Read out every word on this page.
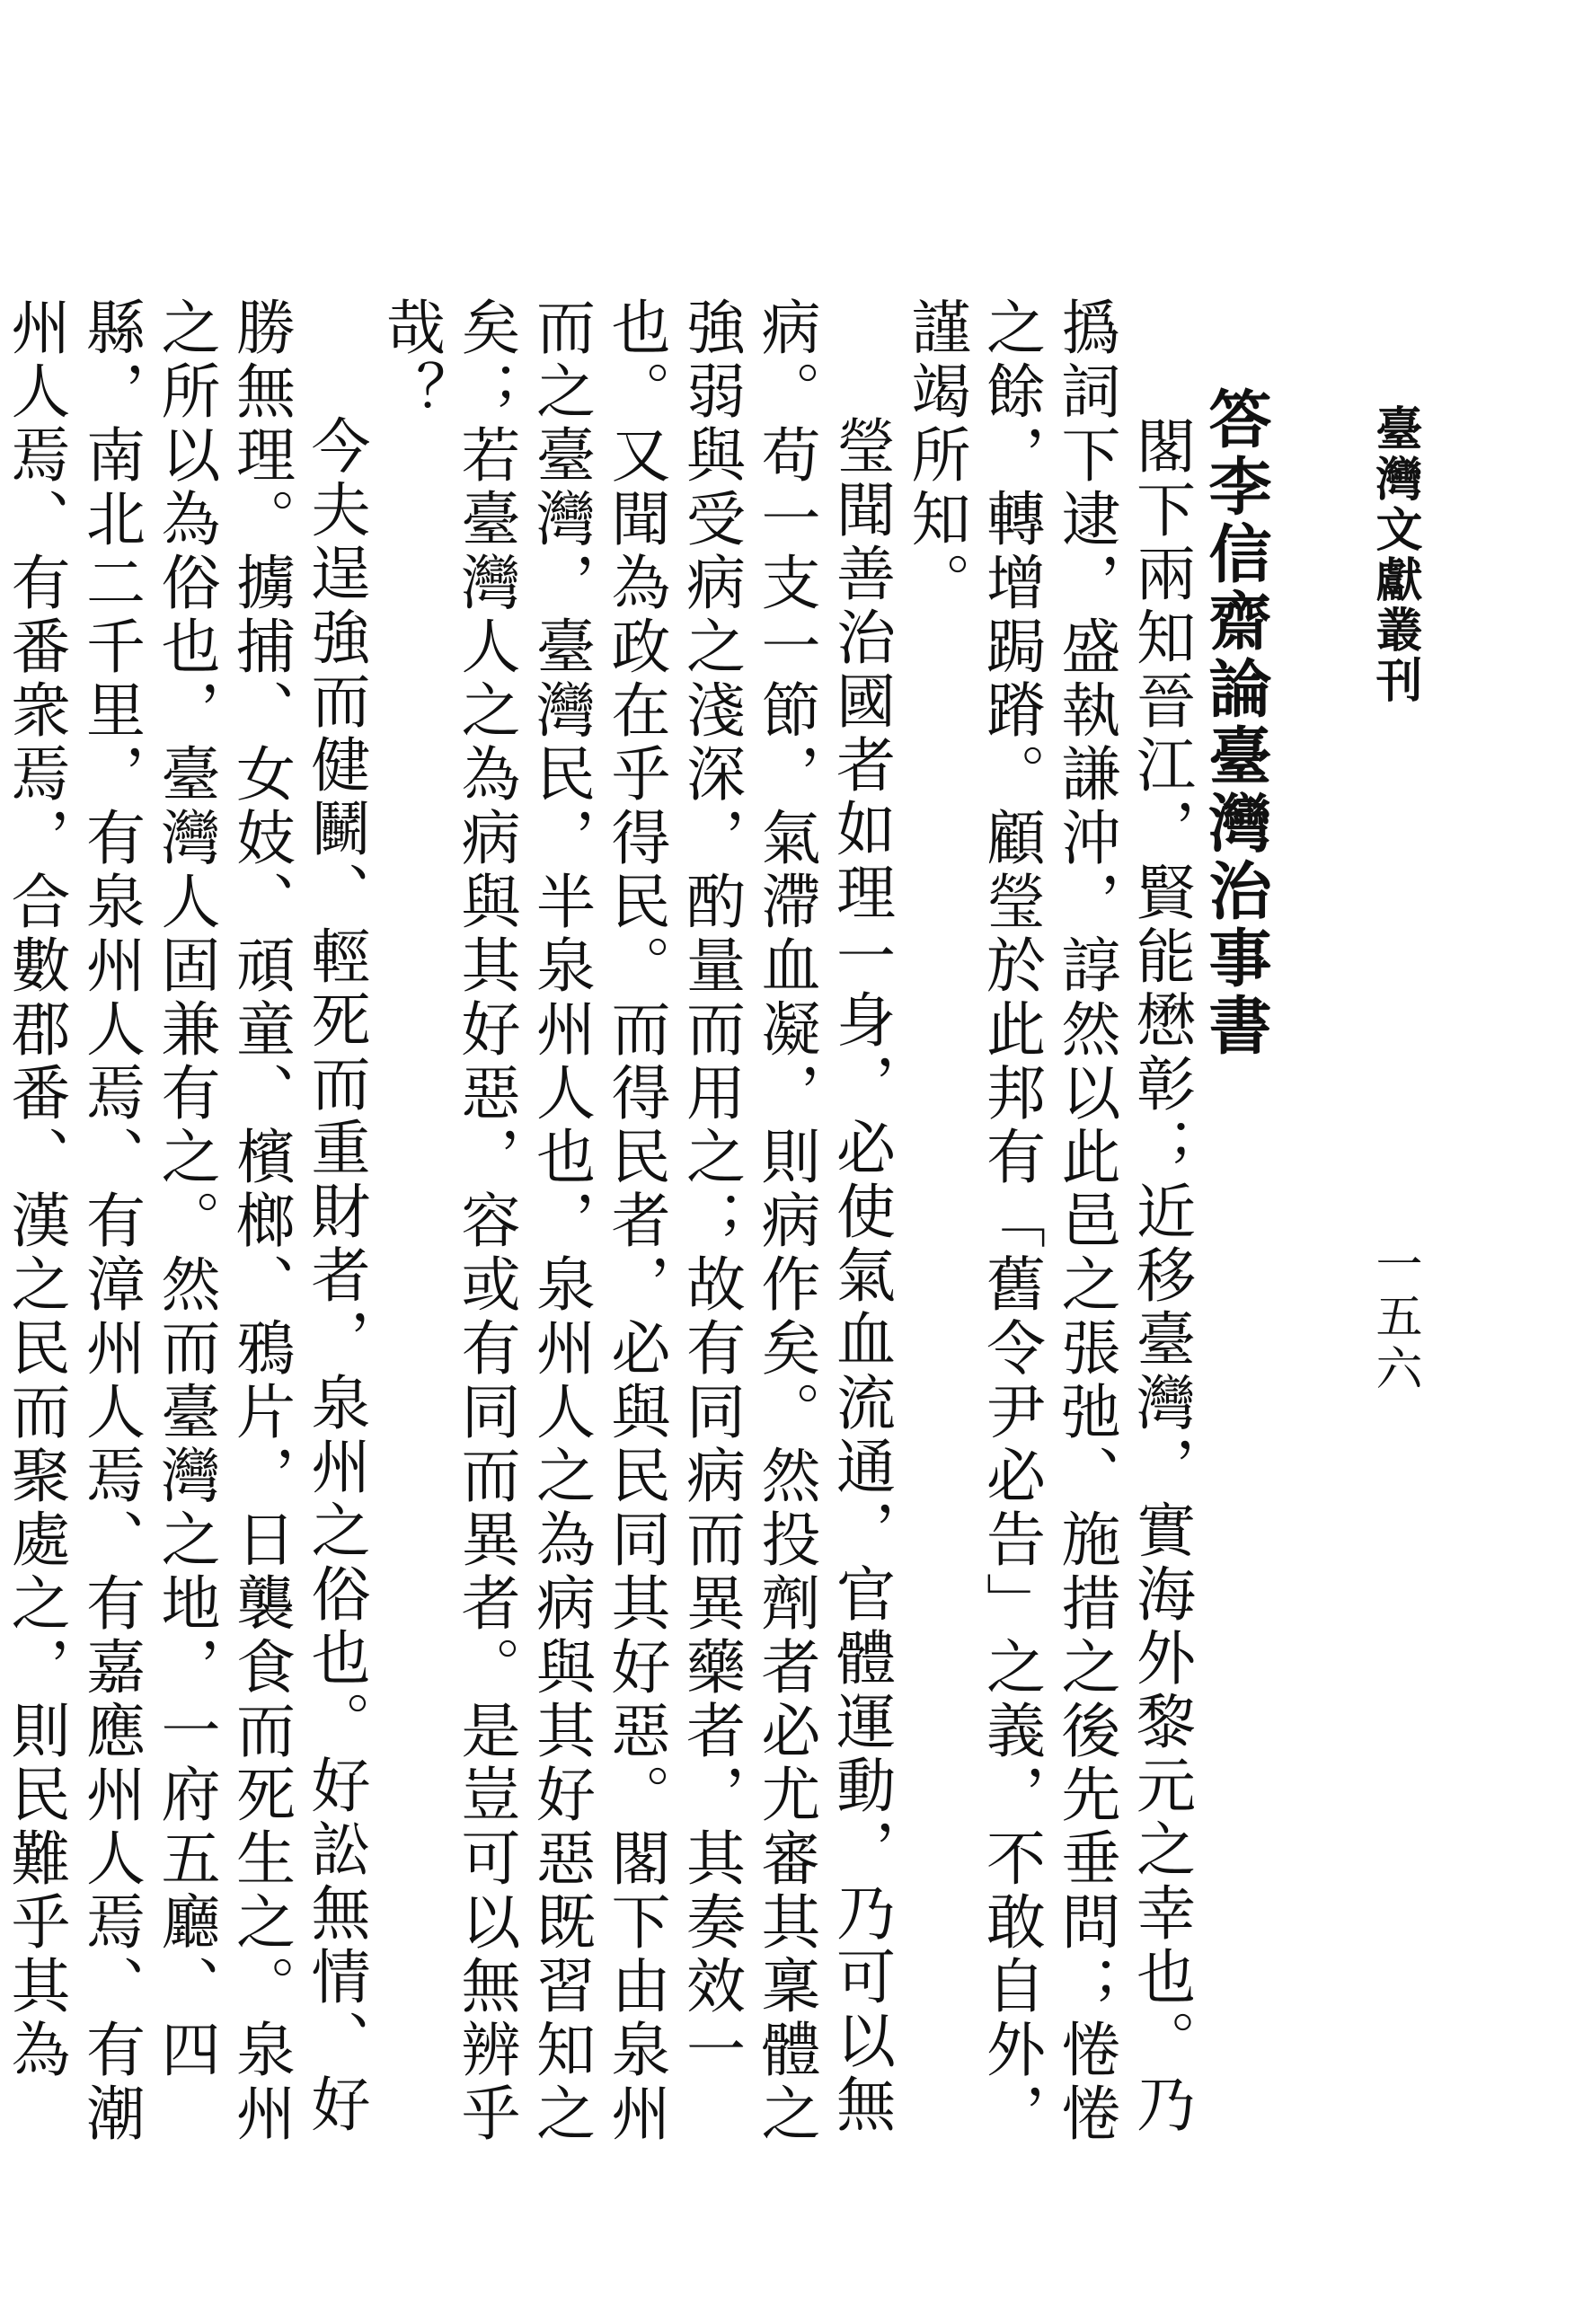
臺灣文獻叢刊
一五六

答李信齋論臺灣治事書

閣下兩知晉江，賢能懋彰；近移臺灣，實海外黎元之幸也。乃撝詞下逮，盛執謙沖，諄然以此邑之張弛、施措之後先垂問；惓惓之餘，轉增跼蹐。顧瑩於此邦有「舊令尹必告」之義，不敢自外，謹竭所知。

瑩聞善治國者如理一身，必使氣血流通，官體運動，乃可以無病。苟一支一節，氣滯血凝，則病作矣。然投劑者必尤審其稟體之強弱與受病之淺深，酌量而用之；故有同病而異藥者，其奏效一也。又聞為政在乎得民。而得民者，必與民同其好惡。閣下由泉州而之臺灣，臺灣民，半泉州人也，泉州人之為病與其好惡既習知之矣；若臺灣人之為病與其好惡，容或有同而異者。是豈可以無辨乎哉？

今夫逞強而健鬭、輕死而重財者，泉州之俗也。好訟無情、好勝無理。擄捕、女妓、頑童、檳榔、鴉片，日襲食而死生之。泉州之所以為俗也，臺灣人固兼有之。然而臺灣之地，一府五廳、四縣，南北二千里，有泉州人焉、有漳州人焉、有嘉應州人焉、有潮州人焉、有番衆焉，合數郡番、漢之民而聚處之，則民難乎其為
